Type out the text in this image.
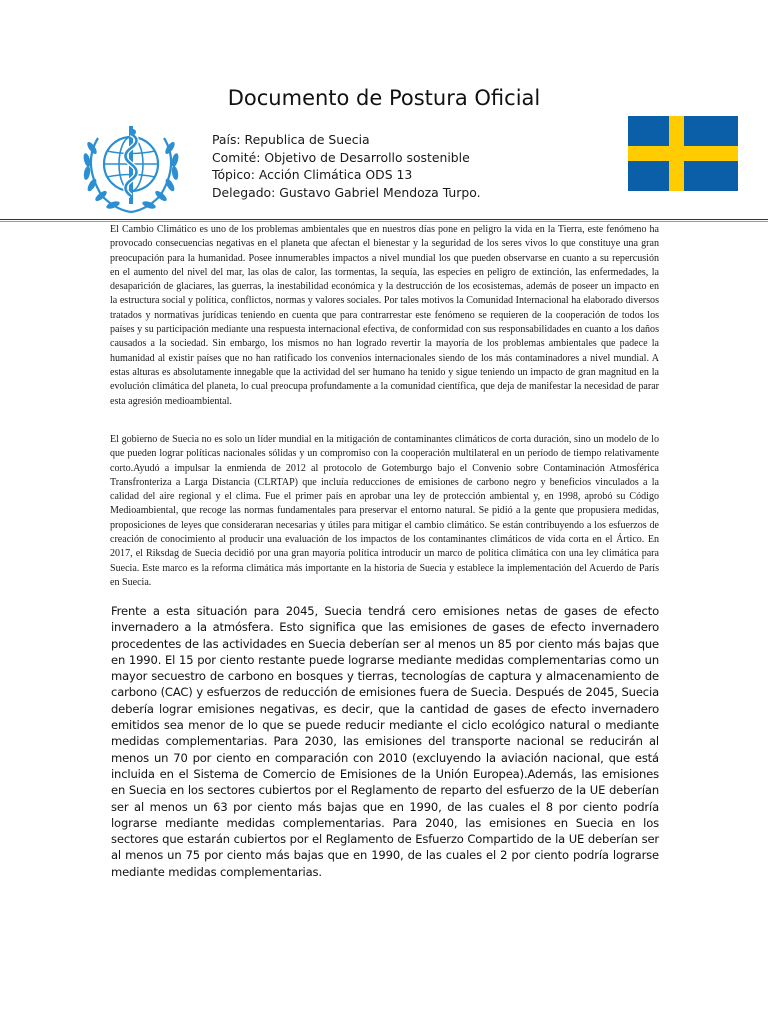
Documento de Postura Oficial
País: Republica de Suecia
Comité: Objetivo de Desarrollo sostenible
Tópico: Acción Climática ODS 13
Delegado: Gustavo Gabriel Mendoza Turpo.

El Cambio Climático es uno de los problemas ambientales que en nuestros días pone en peligro la vida en la Tierra, este fenómeno ha provocado consecuencias negativas en el planeta que afectan el bienestar y la seguridad de los seres vivos lo que constituye una gran preocupación para la humanidad. Posee innumerables impactos a nivel mundial los que pueden observarse en cuanto a su repercusión en el aumento del nivel del mar, las olas de calor, las tormentas, la sequía, las especies en peligro de extinción, las enfermedades, la desaparición de glaciares, las guerras, la inestabilidad económica y la destrucción de los ecosistemas, además de poseer un impacto en la estructura social y política, conflictos, normas y valores sociales. Por tales motivos la Comunidad Internacional ha elaborado diversos tratados y normativas jurídicas teniendo en cuenta que para contrarrestar este fenómeno se requieren de la cooperación de todos los países y su participación mediante una respuesta internacional efectiva, de conformidad con sus responsabilidades en cuanto a los daños causados a la sociedad. Sin embargo, los mismos no han logrado revertir la mayoría de los problemas ambientales que padece la humanidad al existir países que no han ratificado los convenios internacionales siendo de los más contaminadores a nivel mundial. A estas alturas es absolutamente innegable que la actividad del ser humano ha tenido y sigue teniendo un impacto de gran magnitud en la evolución climática del planeta, lo cual preocupa profundamente a la comunidad científica, que deja de manifestar la necesidad de parar esta agresión medioambiental.

El gobierno de Suecia no es solo un líder mundial en la mitigación de contaminantes climáticos de corta duración, sino un modelo de lo que pueden lograr políticas nacionales sólidas y un compromiso con la cooperación multilateral en un período de tiempo relativamente corto.Ayudó a impulsar la enmienda de 2012 al protocolo de Gotemburgo bajo el Convenio sobre Contaminación Atmosférica Transfronteriza a Larga Distancia (CLRTAP) que incluía reducciones de emisiones de carbono negro y beneficios vinculados a la calidad del aire regional y el clima. Fue el primer país en aprobar una ley de protección ambiental y, en 1998, aprobó su Código Medioambiental, que recoge las normas fundamentales para preservar el entorno natural. Se pidió a la gente que propusiera medidas, proposiciones de leyes que consideraran necesarias y útiles para mitigar el cambio climático. Se están contribuyendo a los esfuerzos de creación de conocimiento al producir una evaluación de los impactos de los contaminantes climáticos de vida corta en el Ártico. En 2017, el Riksdag de Suecia decidió por una gran mayoría política introducir un marco de política climática con una ley climática para Suecia. Este marco es la reforma climática más importante en la historia de Suecia y establece la implementación del Acuerdo de París en Suecia.

Frente a esta situación para 2045, Suecia tendrá cero emisiones netas de gases de efecto invernadero a la atmósfera. Esto significa que las emisiones de gases de efecto invernadero procedentes de las actividades en Suecia deberían ser al menos un 85 por ciento más bajas que en 1990. El 15 por ciento restante puede lograrse mediante medidas complementarias como un mayor secuestro de carbono en bosques y tierras, tecnologías de captura y almacenamiento de carbono (CAC) y esfuerzos de reducción de emisiones fuera de Suecia. Después de 2045, Suecia debería lograr emisiones negativas, es decir, que la cantidad de gases de efecto invernadero emitidos sea menor de lo que se puede reducir mediante el ciclo ecológico natural o mediante medidas complementarias. Para 2030, las emisiones del transporte nacional se reducirán al menos un 70 por ciento en comparación con 2010 (excluyendo la aviación nacional, que está incluida en el Sistema de Comercio de Emisiones de la Unión Europea).Además, las emisiones en Suecia en los sectores cubiertos por el Reglamento de reparto del esfuerzo de la UE deberían ser al menos un 63 por ciento más bajas que en 1990, de las cuales el 8 por ciento podría lograrse mediante medidas complementarias. Para 2040, las emisiones en Suecia en los sectores que estarán cubiertos por el Reglamento de Esfuerzo Compartido de la UE deberían ser al menos un 75 por ciento más bajas que en 1990, de las cuales el 2 por ciento podría lograrse mediante medidas complementarias.
